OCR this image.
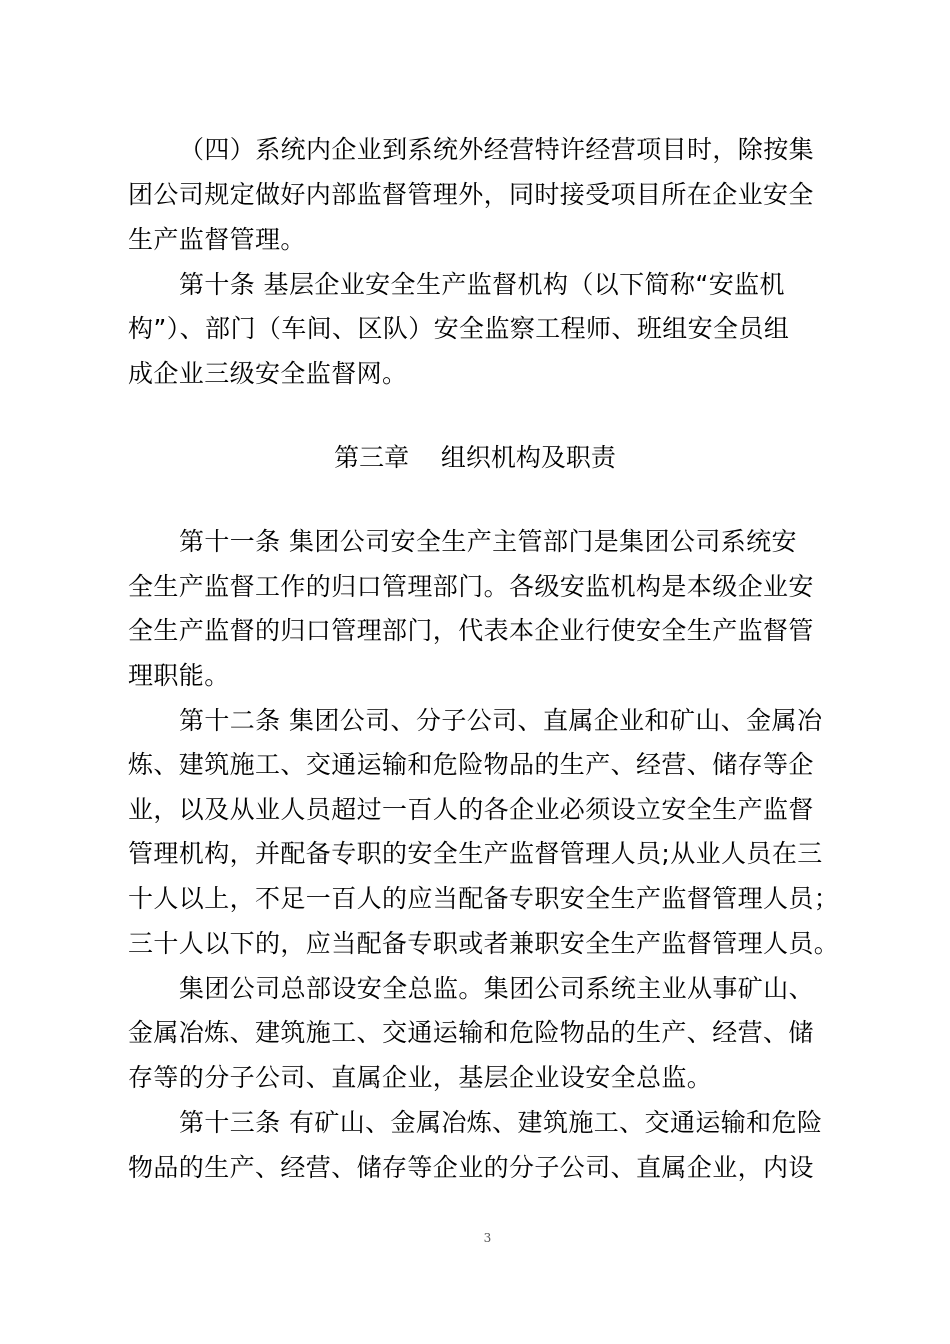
（四）系统内企业到系统外经营特许经营项目时，除按集
团公司规定做好内部监督管理外，同时接受项目所在企业安全
生产监督管理。
第十条 基层企业安全生产监督机构（以下简称“安监机
构”）、部门（车间、区队）安全监察工程师、班组安全员组
成企业三级安全监督网。
第三章    组织机构及职责
第十一条 集团公司安全生产主管部门是集团公司系统安
全生产监督工作的归口管理部门。各级安监机构是本级企业安
全生产监督的归口管理部门，代表本企业行使安全生产监督管
理职能。
第十二条 集团公司、分子公司、直属企业和矿山、金属冶
炼、建筑施工、交通运输和危险物品的生产、经营、储存等企
业，以及从业人员超过一百人的各企业必须设立安全生产监督
管理机构，并配备专职的安全生产监督管理人员;从业人员在三
十人以上，不足一百人的应当配备专职安全生产监督管理人员；
三十人以下的，应当配备专职或者兼职安全生产监督管理人员。
集团公司总部设安全总监。集团公司系统主业从事矿山、
金属冶炼、建筑施工、交通运输和危险物品的生产、经营、储
存等的分子公司、直属企业，基层企业设安全总监。
第十三条 有矿山、金属冶炼、建筑施工、交通运输和危险
物品的生产、经营、储存等企业的分子公司、直属企业，内设
3
